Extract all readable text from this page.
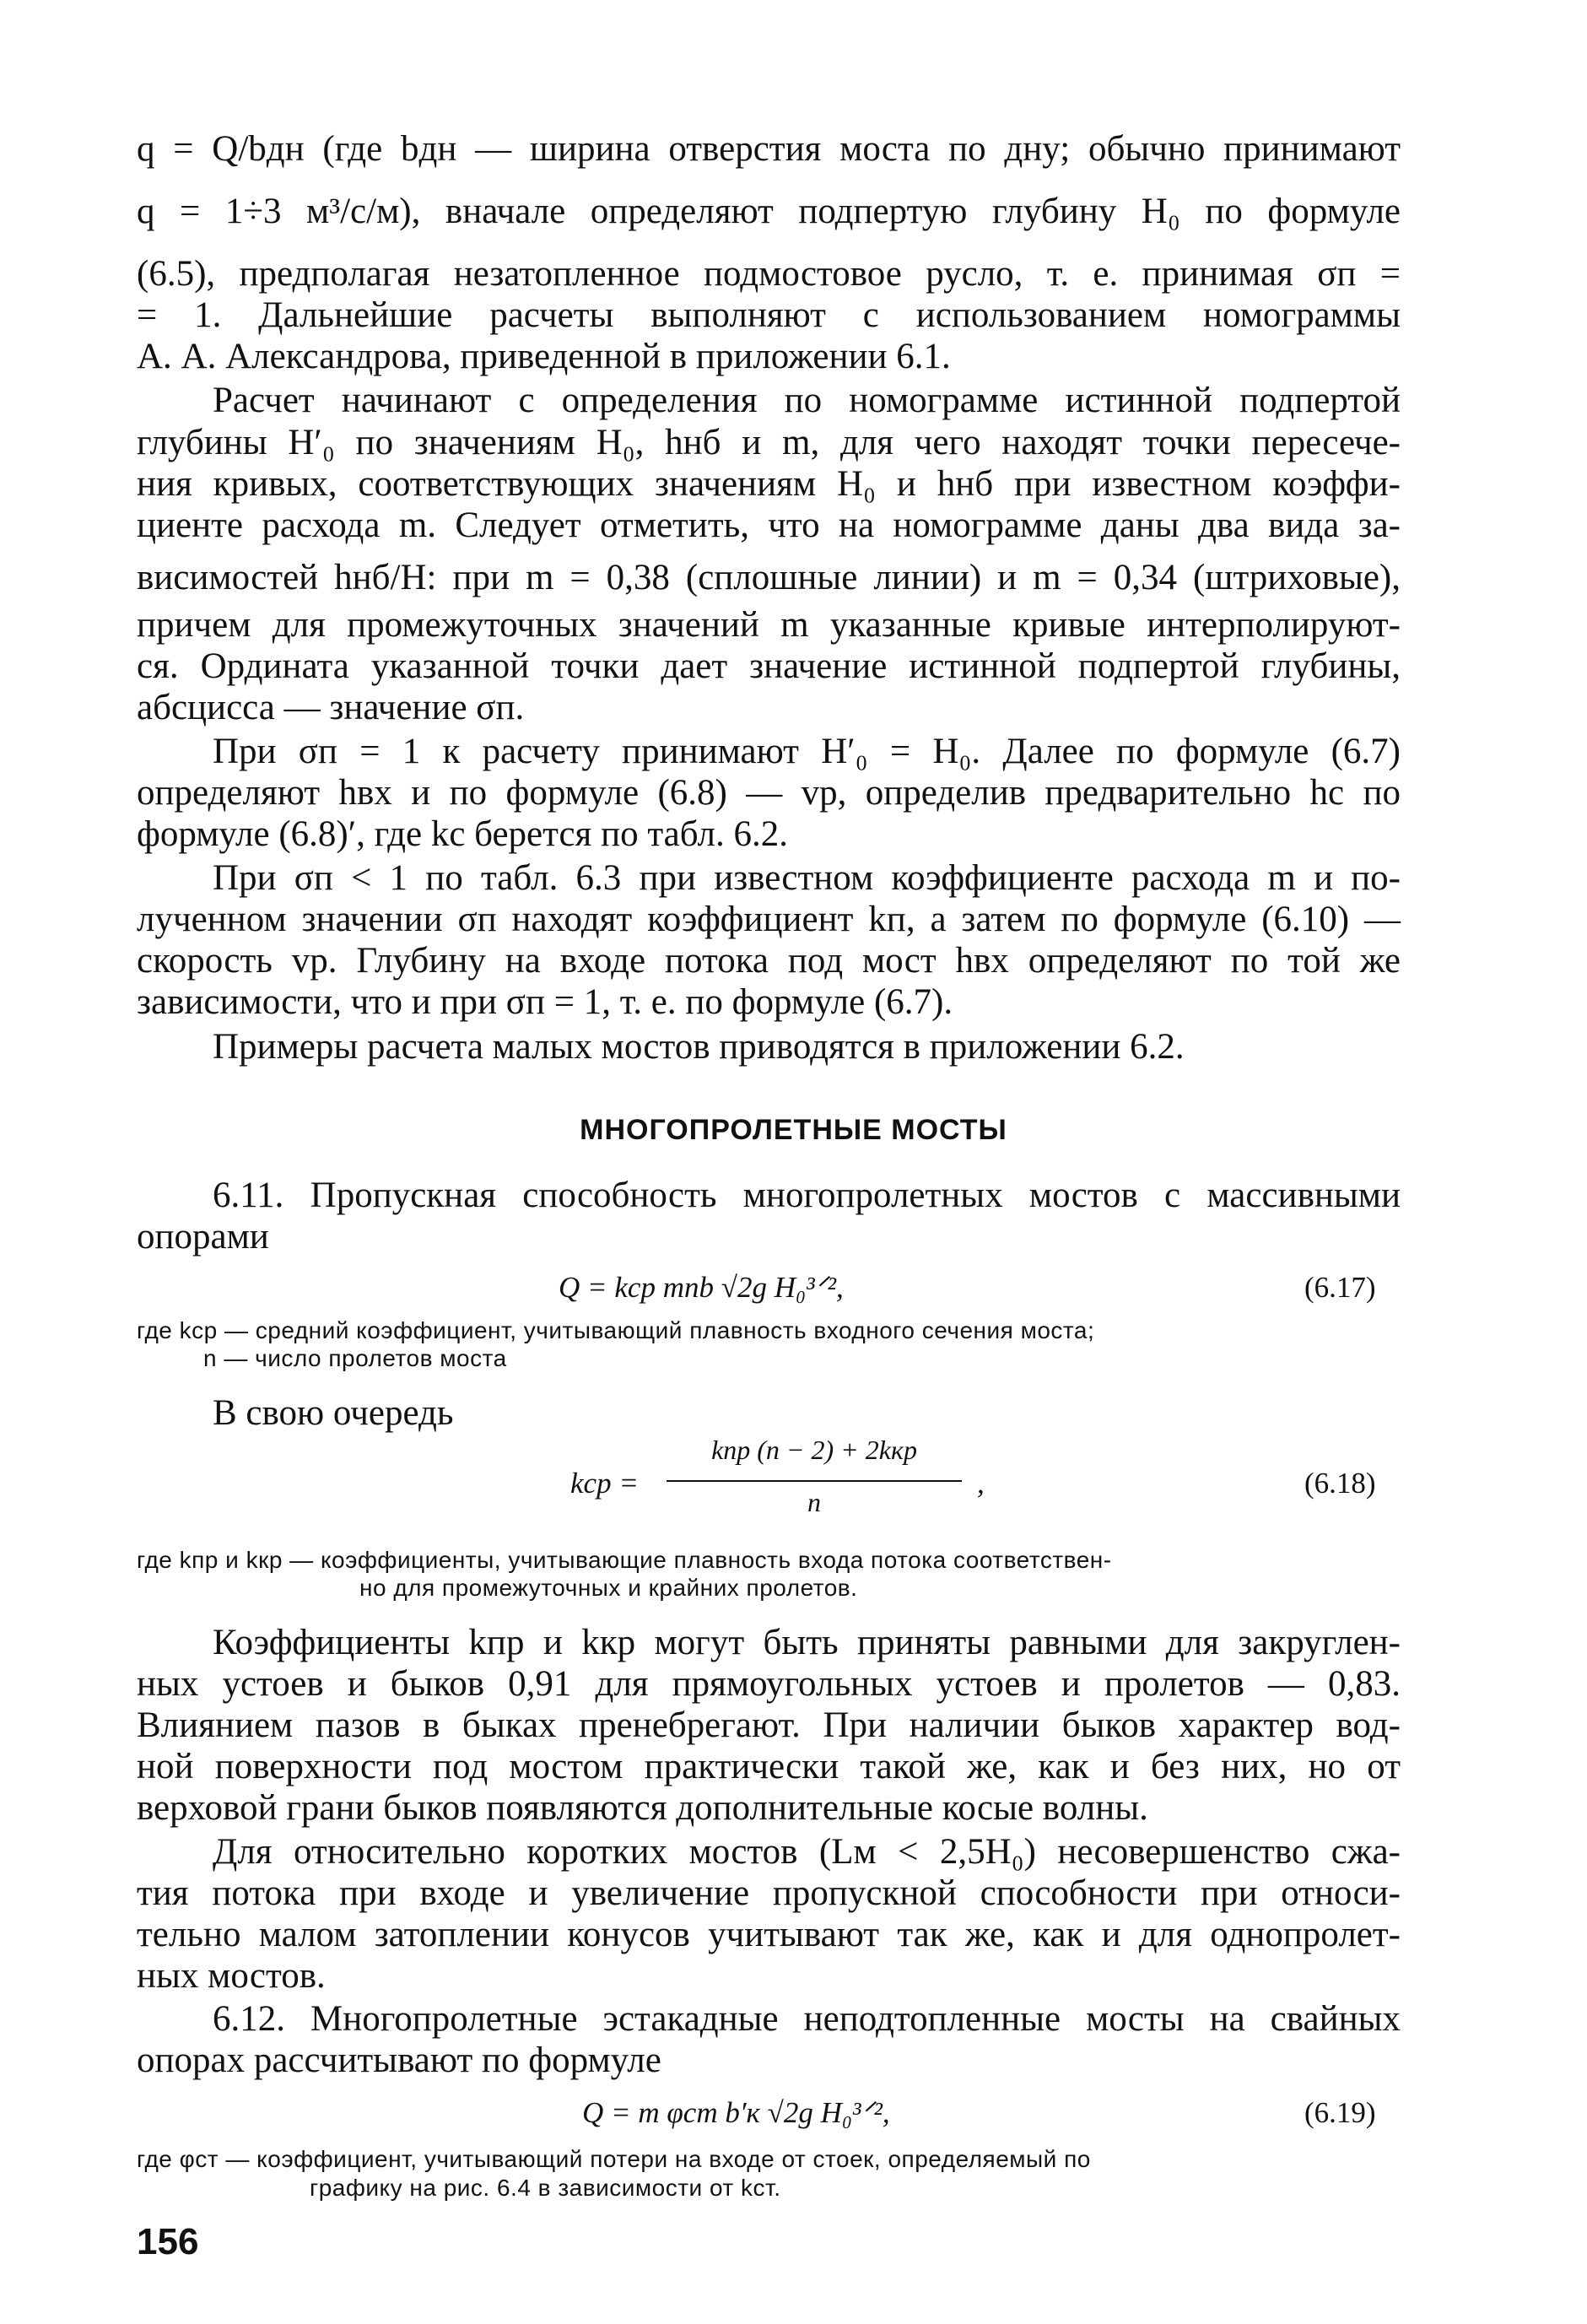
q = Q/bдн (где bдн — ширина отверстия моста по дну; обычно принимают
q = 1÷3 м³/с/м), вначале определяют подпертую глубину H₀ по формуле
(6.5), предполагая незатопленное подмостовое русло, т. е. принимая σп =
= 1. Дальнейшие расчеты выполняют с использованием номограммы
А. А. Александрова, приведенной в приложении 6.1.
Расчет начинают с определения по номограмме истинной подпертой
глубины H′₀ по значениям H₀, hнб и m, для чего находят точки пересече-
ния кривых, соответствующих значениям H₀ и hнб при известном коэффи-
циенте расхода m. Следует отметить, что на номограмме даны два вида за-
висимостей hнб/H: при m = 0,38 (сплошные линии) и m = 0,34 (штриховые),
причем для промежуточных значений m указанные кривые интерполируют-
ся. Ордината указанной точки дает значение истинной подпертой глубины,
абсцисса — значение σп.
При σп = 1 к расчету принимают H′₀ = H₀. Далее по формуле (6.7)
определяют hвх и по формуле (6.8) — vр, определив предварительно hс по
формуле (6.8)′, где kс берется по табл. 6.2.
При σп < 1 по табл. 6.3 при известном коэффициенте расхода m и по-
лученном значении σп находят коэффициент kп, а затем по формуле (6.10) —
скорость vр. Глубину на входе потока под мост hвх определяют по той же
зависимости, что и при σп = 1, т. е. по формуле (6.7).
Примеры расчета малых мостов приводятся в приложении 6.2.
МНОГОПРОЛЕТНЫЕ МОСТЫ
6.11. Пропускная способность многопролетных мостов с массивными
опорами
Q = kср mnb √2g H₀³ᐟ²,	(6.17)
где kср — средний коэффициент, учитывающий плавность входного сечения моста;
n — число пролетов моста
В свою очередь
kср =
kпр (n − 2) + 2kкр
n
,	(6.18)
где kпр и kкр — коэффициенты, учитывающие плавность входа потока соответствен-
но для промежуточных и крайних пролетов.
Коэффициенты kпр и kкр могут быть приняты равными для закруглен-
ных устоев и быков 0,91 для прямоугольных устоев и пролетов — 0,83.
Влиянием пазов в быках пренебрегают. При наличии быков характер вод-
ной поверхности под мостом практически такой же, как и без них, но от
верховой грани быков появляются дополнительные косые волны.
Для относительно коротких мостов (Lм < 2,5H₀) несовершенство сжа-
тия потока при входе и увеличение пропускной способности при относи-
тельно малом затоплении конусов учитывают так же, как и для однопролет-
ных мостов.
6.12. Многопролетные эстакадные неподтопленные мосты на свайных
опорах рассчитывают по формуле
Q = m φст b′к √2g H₀³ᐟ²,	(6.19)
где φст — коэффициент, учитывающий потери на входе от стоек, определяемый по
графику на рис. 6.4 в зависимости от kст.
156
